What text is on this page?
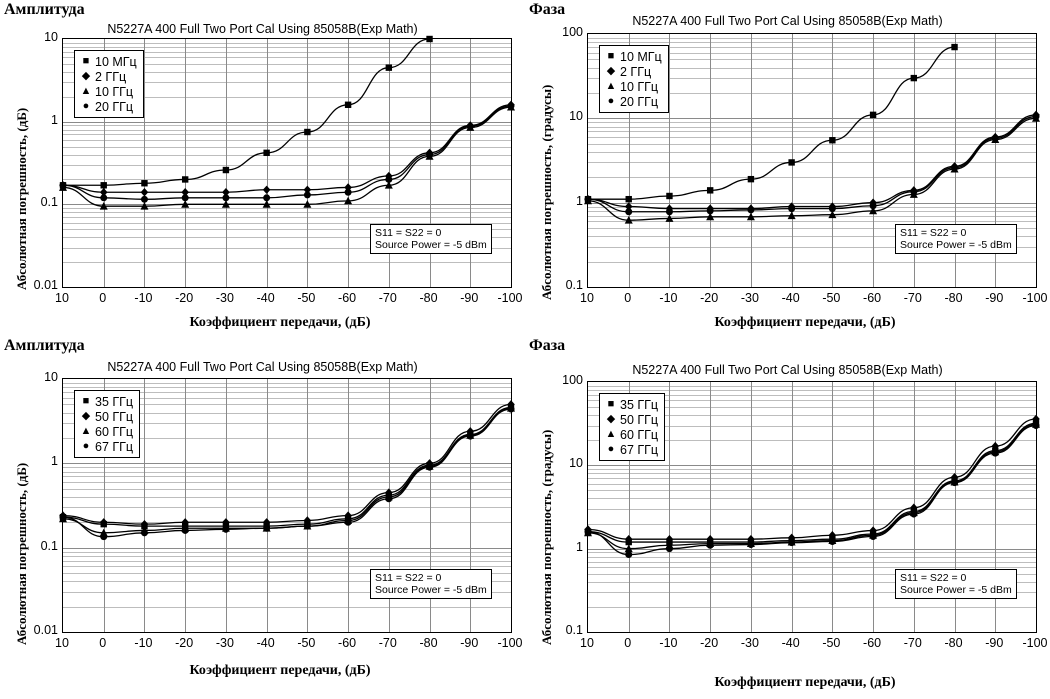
Амплитуда
N5227A 400 Full Two Port Cal Using 85058B(Exp Math)
Абсолютная погрешность, (дБ)
Коэффициент передачи, (дБ)
10
1
0.1
0.01
10	0	-10	-20	-30	-40	-50	-60	-70	-80	-90	-100
■ 10 МГц
◆ 2 ГГц
▲ 10 ГГц
● 20 ГГц
S11 = S22 = 0
Source Power = -5 dBm
Фаза
N5227A 400 Full Two Port Cal Using 85058B(Exp Math)
Абсолютная погрешность, (градусы)
Коэффициент передачи, (дБ)
100
10
1
0.1
10	0	-10	-20	-30	-40	-50	-60	-70	-80	-90	-100
■ 10 МГц
◆ 2 ГГц
▲ 10 ГГц
● 20 ГГц
S11 = S22 = 0
Source Power = -5 dBm
Амплитуда
N5227A 400 Full Two Port Cal Using 85058B(Exp Math)
Абсолютная погрешность, (дБ)
Коэффициент передачи, (дБ)
10
1
0.1
0.01
10	0	-10	-20	-30	-40	-50	-60	-70	-80	-90	-100
■ 35 ГГц
◆ 50 ГГц
▲ 60 ГГц
● 67 ГГц
S11 = S22 = 0
Source Power = -5 dBm
Фаза
N5227A 400 Full Two Port Cal Using 85058B(Exp Math)
Абсолютная погрешность, (градусы)
Коэффициент передачи, (дБ)
100
10
1
0.1
10	0	-10	-20	-30	-40	-50	-60	-70	-80	-90	-100
■ 35 ГГц
◆ 50 ГГц
▲ 60 ГГц
● 67 ГГц
S11 = S22 = 0
Source Power = -5 dBm
